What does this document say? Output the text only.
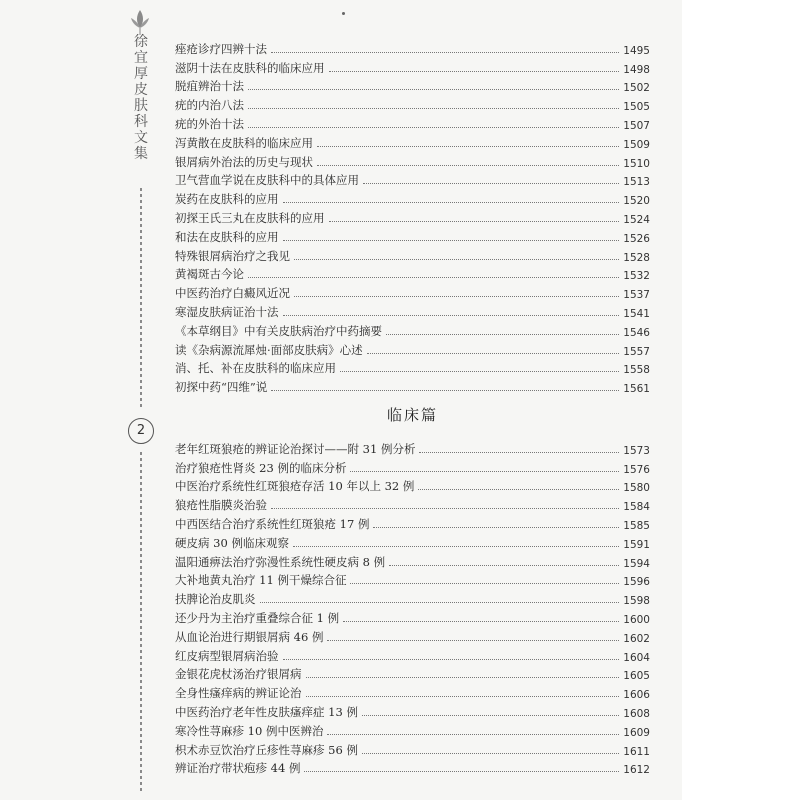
徐宜厚皮肤科文集
2
痤疮诊疗四辨十法	1495
滋阴十法在皮肤科的临床应用	1498
脱疽辨治十法	1502
疣的内治八法	1505
疣的外治十法	1507
泻黄散在皮肤科的临床应用	1509
银屑病外治法的历史与现状	1510
卫气营血学说在皮肤科中的具体应用	1513
炭药在皮肤科的应用	1520
初探王氏三丸在皮肤科的应用	1524
和法在皮肤科的应用	1526
特殊银屑病治疗之我见	1528
黄褐斑古今论	1532
中医药治疗白癜风近况	1537
寒湿皮肤病证治十法	1541
《本草纲目》中有关皮肤病治疗中药摘要	1546
读《杂病源流犀烛·面部皮肤病》心述	1557
消、托、补在皮肤科的临床应用	1558
初探中药“四维”说	1561
临床篇
老年红斑狼疮的辨证论治探讨——附 31 例分析	1573
治疗狼疮性肾炎 23 例的临床分析	1576
中医治疗系统性红斑狼疮存活 10 年以上 32 例	1580
狼疮性脂膜炎治验	1584
中西医结合治疗系统性红斑狼疮 17 例	1585
硬皮病 30 例临床观察	1591
温阳通痹法治疗弥漫性系统性硬皮病 8 例	1594
大补地黄丸治疗 11 例干燥综合征	1596
扶脾论治皮肌炎	1598
还少丹为主治疗重叠综合征 1 例	1600
从血论治进行期银屑病 46 例	1602
红皮病型银屑病治验	1604
金银花虎杖汤治疗银屑病	1605
全身性瘙痒病的辨证论治	1606
中医药治疗老年性皮肤瘙痒症 13 例	1608
寒冷性荨麻疹 10 例中医辨治	1609
枳术赤豆饮治疗丘疹性荨麻疹 56 例	1611
辨证治疗带状疱疹 44 例	1612
